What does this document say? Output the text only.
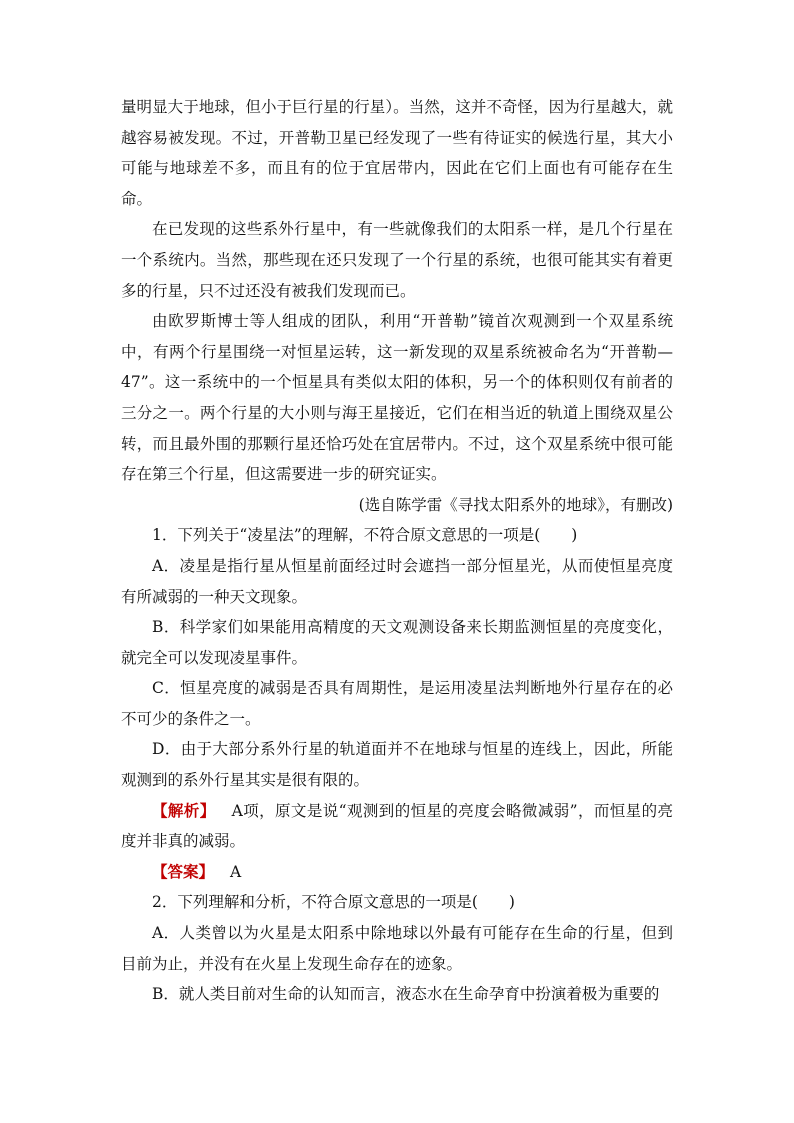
量明显大于地球，但小于巨行星的行星）。当然，这并不奇怪，因为行星越大，就越容易被发现。不过，开普勒卫星已经发现了一些有待证实的候选行星，其大小可能与地球差不多，而且有的位于宜居带内，因此在它们上面也有可能存在生命。

在已发现的这些系外行星中，有一些就像我们的太阳系一样，是几个行星在一个系统内。当然，那些现在还只发现了一个行星的系统，也很可能其实有着更多的行星，只不过还没有被我们发现而已。

由欧罗斯博士等人组成的团队，利用“开普勒”镜首次观测到一个双星系统中，有两个行星围绕一对恒星运转，这一新发现的双星系统被命名为“开普勒—47”。这一系统中的一个恒星具有类似太阳的体积，另一个的体积则仅有前者的三分之一。两个行星的大小则与海王星接近，它们在相当近的轨道上围绕双星公转，而且最外围的那颗行星还恰巧处在宜居带内。不过，这个双星系统中很可能存在第三个行星，但这需要进一步的研究证实。

(选自陈学雷《寻找太阳系外的地球》，有删改)

1．下列关于“凌星法”的理解，不符合原文意思的一项是(　　)

A．凌星是指行星从恒星前面经过时会遮挡一部分恒星光，从而使恒星亮度有所减弱的一种天文现象。

B．科学家们如果能用高精度的天文观测设备来长期监测恒星的亮度变化，就完全可以发现凌星事件。

C．恒星亮度的减弱是否具有周期性，是运用凌星法判断地外行星存在的必不可少的条件之一。

D．由于大部分系外行星的轨道面并不在地球与恒星的连线上，因此，所能观测到的系外行星其实是很有限的。

【解析】 A项，原文是说“观测到的恒星的亮度会略微减弱”，而恒星的亮度并非真的减弱。

【答案】 A

2．下列理解和分析，不符合原文意思的一项是(　　)

A．人类曾以为火星是太阳系中除地球以外最有可能存在生命的行星，但到目前为止，并没有在火星上发现生命存在的迹象。

B．就人类目前对生命的认知而言，液态水在生命孕育中扮演着极为重要的
